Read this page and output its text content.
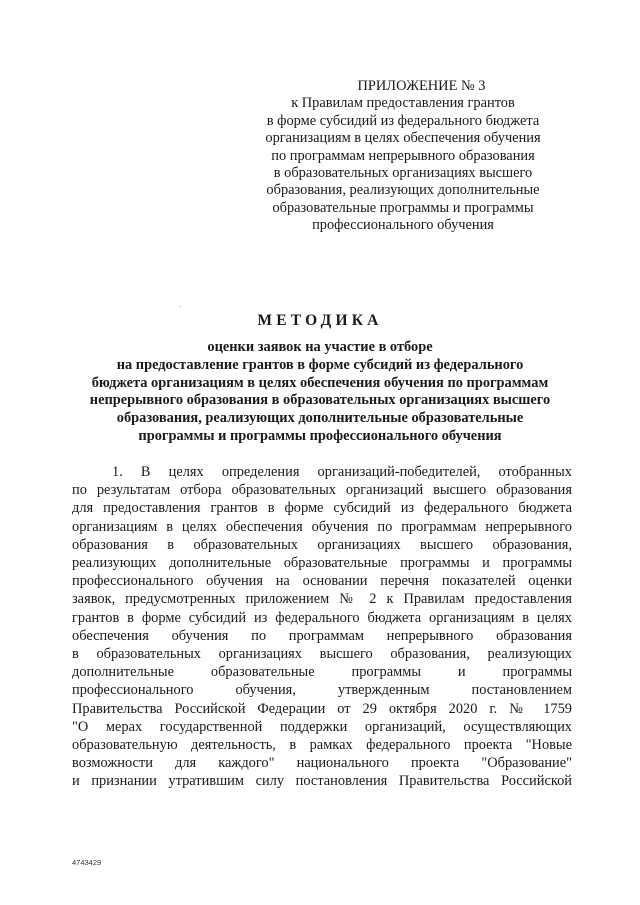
ПРИЛОЖЕНИЕ № 3
к Правилам предоставления грантов
в форме субсидий из федерального бюджета
организациям в целях обеспечения обучения
по программам непрерывного образования
в образовательных организациях высшего
образования, реализующих дополнительные
образовательные программы и программы
профессионального обучения
МЕТОДИКА
оценки заявок на участие в отборе
на предоставление грантов в форме субсидий из федерального
бюджета организациям в целях обеспечения обучения по программам
непрерывного образования в образовательных организациях высшего
образования, реализующих дополнительные образовательные
программы и программы профессионального обучения
1. В целях определения организаций-победителей, отобранных
по результатам отбора образовательных организаций высшего образования
для предоставления грантов в форме субсидий из федерального бюджета
организациям в целях обеспечения обучения по программам непрерывного
образования в образовательных организациях высшего образования,
реализующих дополнительные образовательные программы и программы
профессионального обучения на основании перечня показателей оценки
заявок, предусмотренных приложением № 2 к Правилам предоставления
грантов в форме субсидий из федерального бюджета организациям в целях
обеспечения обучения по программам непрерывного образования
в образовательных организациях высшего образования, реализующих
дополнительные образовательные программы и программы
профессионального обучения, утвержденным постановлением
Правительства Российской Федерации от 29 октября 2020 г. № 1759
"О мерах государственной поддержки организаций, осуществляющих
образовательную деятельность, в рамках федерального проекта "Новые
возможности для каждого" национального проекта "Образование"
и признании утратившим силу постановления Правительства Российской
4743429
